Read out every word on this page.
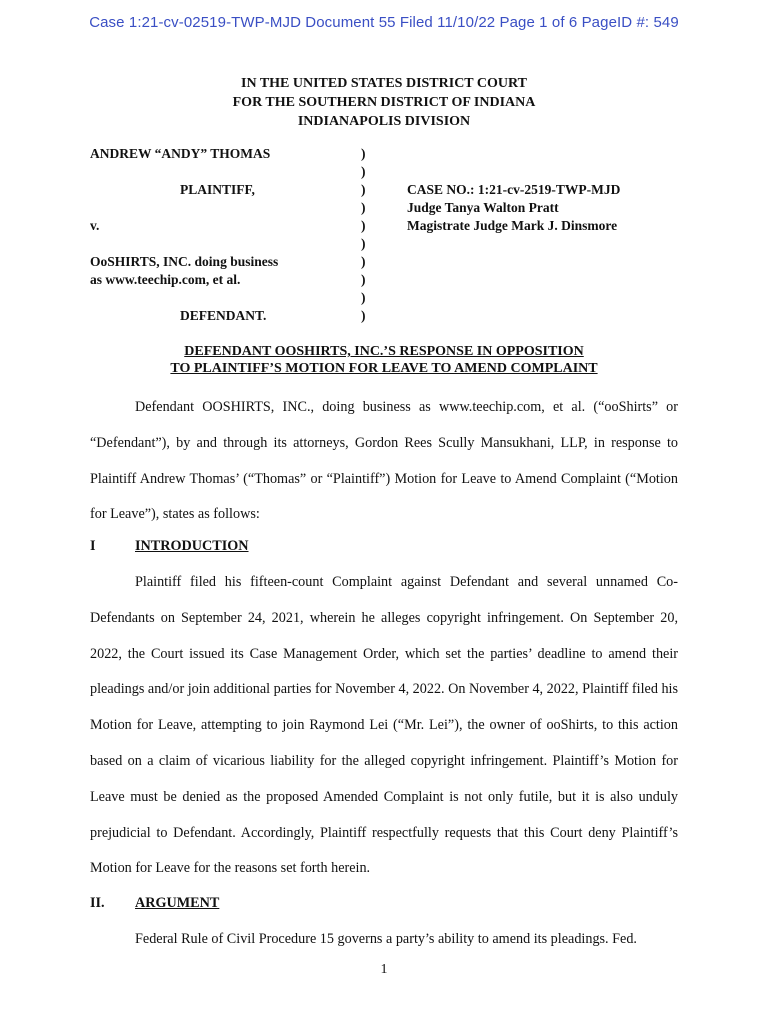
Case 1:21-cv-02519-TWP-MJD Document 55 Filed 11/10/22 Page 1 of 6 PageID #: 549
IN THE UNITED STATES DISTRICT COURT
FOR THE SOUTHERN DISTRICT OF INDIANA
INDIANAPOLIS DIVISION
ANDREW “ANDY” THOMAS	)
)
PLAINTIFF,	)	CASE NO.: 1:21-cv-2519-TWP-MJD
)	Judge Tanya Walton Pratt
v.	)	Magistrate Judge Mark J. Dinsmore
)
OoSHIRTS, INC. doing business	)
as www.teechip.com, et al.	)
)
DEFENDANT.	)
DEFENDANT OOSHIRTS, INC.’S RESPONSE IN OPPOSITION
TO PLAINTIFF’S MOTION FOR LEAVE TO AMEND COMPLAINT
Defendant OOSHIRTS, INC., doing business as www.teechip.com, et al. (“ooShirts” or “Defendant”), by and through its attorneys, Gordon Rees Scully Mansukhani, LLP, in response to Plaintiff Andrew Thomas’ (“Thomas” or “Plaintiff”) Motion for Leave to Amend Complaint (“Motion for Leave”), states as follows:
I	INTRODUCTION
Plaintiff filed his fifteen-count Complaint against Defendant and several unnamed Co-Defendants on September 24, 2021, wherein he alleges copyright infringement. On September 20, 2022, the Court issued its Case Management Order, which set the parties’ deadline to amend their pleadings and/or join additional parties for November 4, 2022. On November 4, 2022, Plaintiff filed his Motion for Leave, attempting to join Raymond Lei (“Mr. Lei”), the owner of ooShirts, to this action based on a claim of vicarious liability for the alleged copyright infringement. Plaintiff’s Motion for Leave must be denied as the proposed Amended Complaint is not only futile, but it is also unduly prejudicial to Defendant. Accordingly, Plaintiff respectfully requests that this Court deny Plaintiff’s Motion for Leave for the reasons set forth herein.
II. ARGUMENT
Federal Rule of Civil Procedure 15 governs a party’s ability to amend its pleadings. Fed.
1
